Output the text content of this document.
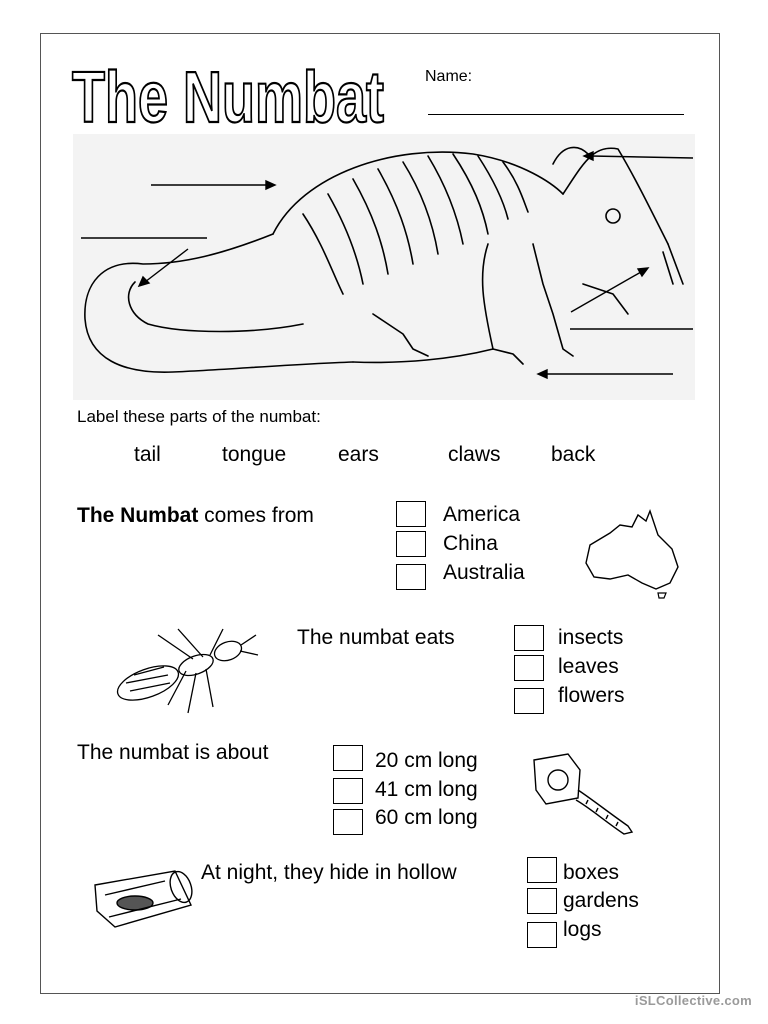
The Numbat	Name:
Label these parts of the numbat:
tail	tongue ears	claws back
The Numbat comes from	America
China
Australia
The numbat eats	insects
leaves
flowers
The numbat is about	20 cm long
41 cm long
60 cm long
At night, they hide in hollow	boxes
gardens
logs
iSLCollective.com
